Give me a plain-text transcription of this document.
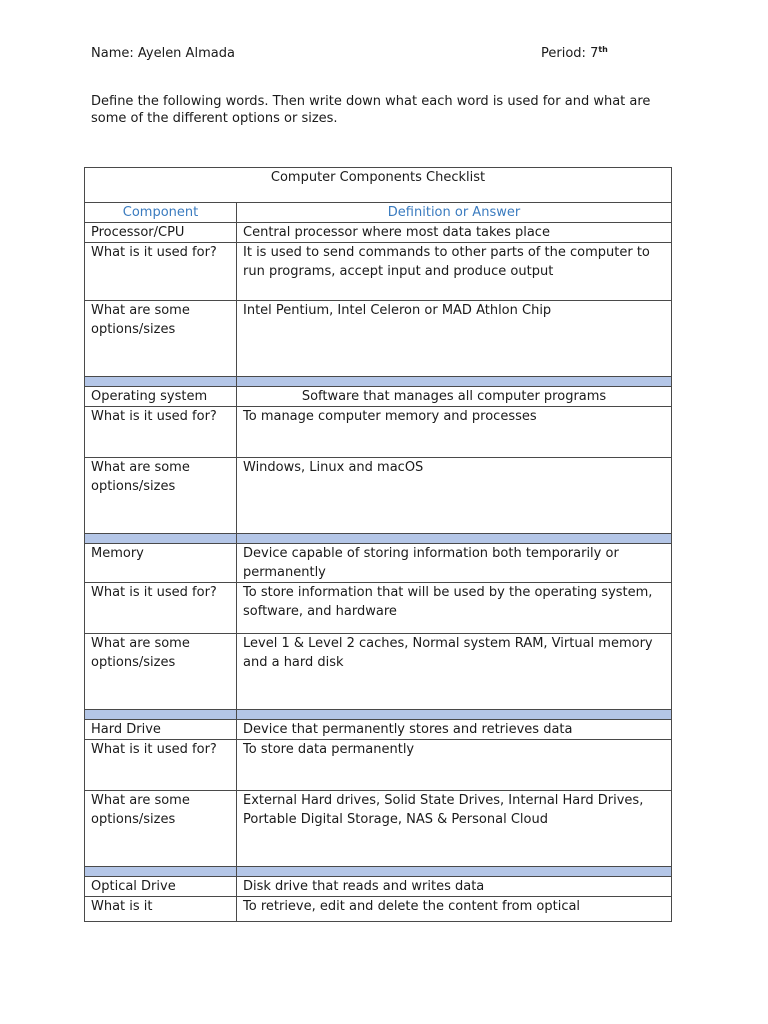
Name: Ayelen Almada	Period: 7th
Define the following words. Then write down what each word is used for and what are some of the different options or sizes.
Computer Components Checklist	
Component	Definition or Answer
Processor/CPU	Central processor where most data takes place
What is it used for?	It is used to send commands to other parts of the computer to run programs, accept input and produce output
What are some options/sizes	Intel Pentium, Intel Celeron or MAD Athlon Chip

Operating system	Software that manages all computer programs
What is it used for?	To manage computer memory and processes
What are some options/sizes	Windows, Linux and macOS

Memory	Device capable of storing information both temporarily or permanently
What is it used for?	To store information that will be used by the operating system, software, and hardware
What are some options/sizes	Level 1 & Level 2 caches, Normal system RAM, Virtual memory and a hard disk

Hard Drive	Device that permanently stores and retrieves data
What is it used for?	To store data permanently
What are some options/sizes	External Hard drives, Solid State Drives, Internal Hard Drives, Portable Digital Storage, NAS & Personal Cloud

Optical Drive	Disk drive that reads and writes data
What is it	To retrieve, edit and delete the content from optical
